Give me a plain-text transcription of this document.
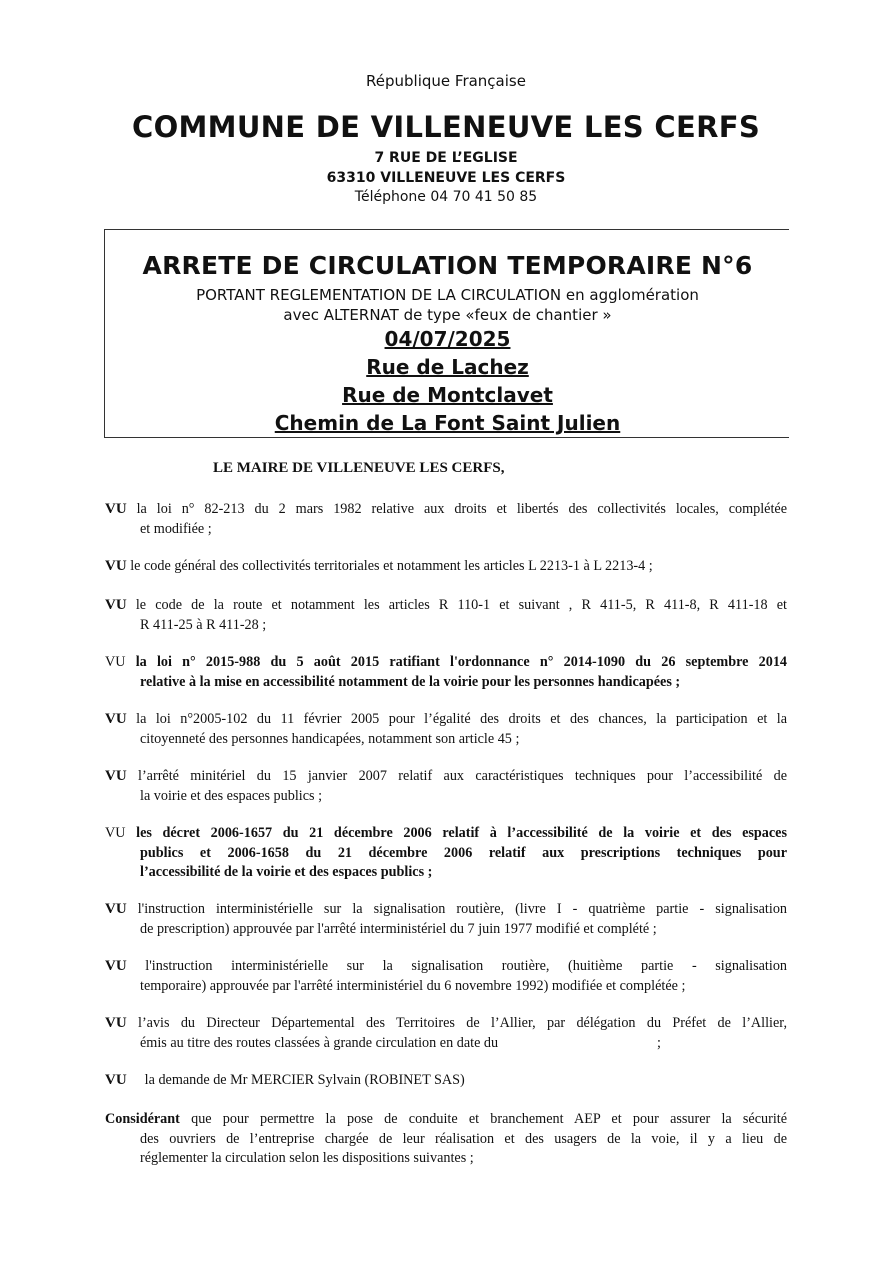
République Française
COMMUNE DE VILLENEUVE LES CERFS
7 RUE DE L’EGLISE
63310 VILLENEUVE LES CERFS
Téléphone 04 70 41 50 85
ARRETE DE CIRCULATION TEMPORAIRE N°6
PORTANT REGLEMENTATION DE LA CIRCULATION en agglomération
avec ALTERNAT de type «feux de chantier »
04/07/2025
Rue de Lachez
Rue de Montclavet
Chemin de La Font Saint Julien
LE MAIRE DE VILLENEUVE LES CERFS,
VU la loi n° 82-213 du 2 mars 1982 relative aux droits et libertés des collectivités locales, complétée
et modifiée ;
VU le code général des collectivités territoriales et notamment les articles L 2213-1 à L 2213-4 ;
VU le code de la route et notamment les articles R 110-1 et suivant , R 411-5, R 411-8, R 411-18 et
R 411-25 à R 411-28 ;
VU la loi n° 2015-988 du 5 août 2015 ratifiant l'ordonnance n° 2014-1090 du 26 septembre 2014
relative à la mise en accessibilité notamment de la voirie pour les personnes handicapées ;
VU la loi n°2005-102 du 11 février 2005 pour l’égalité des droits et des chances, la participation et la
citoyenneté des personnes handicapées, notamment son article 45 ;
VU l’arrêté minitériel du 15 janvier 2007 relatif aux caractéristiques techniques pour l’accessibilité de
la voirie et des espaces publics ;
VU les décret 2006-1657 du 21 décembre 2006 relatif à l’accessibilité de la voirie et des espaces
publics et 2006-1658 du 21 décembre 2006 relatif aux prescriptions techniques pour
l’accessibilité de la voirie et des espaces publics ;
VU l'instruction interministérielle sur la signalisation routière, (livre I - quatrième partie - signalisation
de prescription) approuvée par l'arrêté interministériel du 7 juin 1977 modifié et complété ;
VU l'instruction interministérielle sur la signalisation routière, (huitième partie - signalisation
temporaire) approuvée par l'arrêté interministériel du 6 novembre 1992) modifiée et complétée ;
VU l’avis du Directeur Départemental des Territoires de l’Allier, par délégation du Préfet de l’Allier,
émis au titre des routes classées à grande circulation en date du	;
VU la demande de Mr MERCIER Sylvain (ROBINET SAS)
Considérant que pour permettre la pose de conduite et branchement AEP et pour assurer la sécurité
des ouvriers de l’entreprise chargée de leur réalisation et des usagers de la voie, il y a lieu de
réglementer la circulation selon les dispositions suivantes ;
